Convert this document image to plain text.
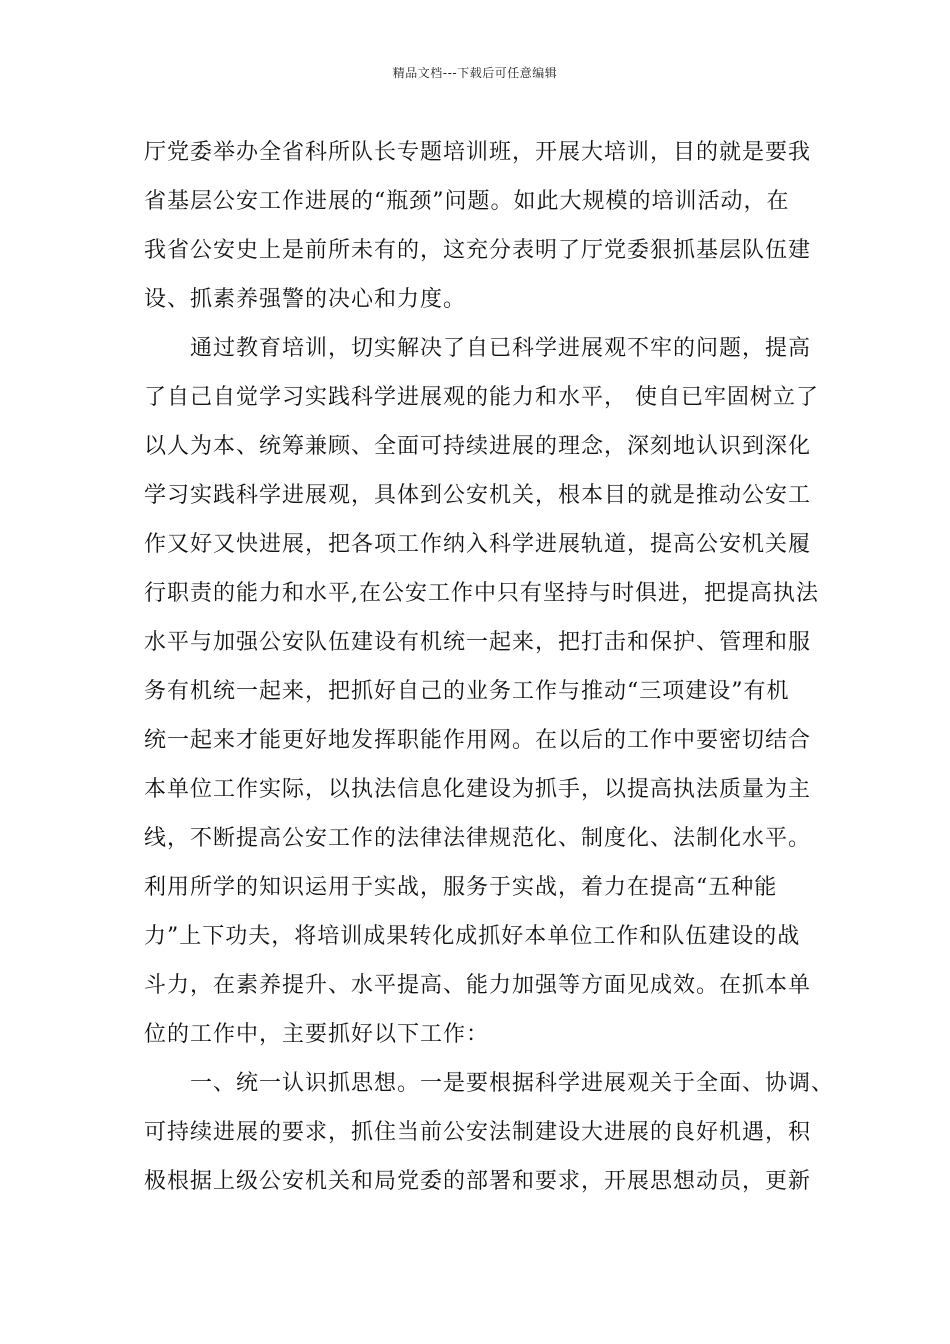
精品文档---下载后可任意编辑
厅党委举办全省科所队长专题培训班，开展大培训，目的就是要我
省基层公安工作进展的“瓶颈”问题。如此大规模的培训活动，在
我省公安史上是前所未有的，这充分表明了厅党委狠抓基层队伍建
设、抓素养强警的决心和力度。
　　通过教育培训，切实解决了自已科学进展观不牢的问题，提高
了自己自觉学习实践科学进展观的能力和水平， 使自已牢固树立了
以人为本、统筹兼顾、全面可持续进展的理念，深刻地认识到深化
学习实践科学进展观，具体到公安机关，根本目的就是推动公安工
作又好又快进展，把各项工作纳入科学进展轨道，提高公安机关履
行职责的能力和水平,在公安工作中只有坚持与时俱进，把提高执法
水平与加强公安队伍建设有机统一起来，把打击和保护、管理和服
务有机统一起来，把抓好自己的业务工作与推动“三项建设”有机
统一起来才能更好地发挥职能作用网。在以后的工作中要密切结合
本单位工作实际，以执法信息化建设为抓手，以提高执法质量为主
线，不断提高公安工作的法律法律规范化、制度化、法制化水平。
利用所学的知识运用于实战，服务于实战，着力在提高“五种能
力”上下功夫，将培训成果转化成抓好本单位工作和队伍建设的战
斗力，在素养提升、水平提高、能力加强等方面见成效。在抓本单
位的工作中，主要抓好以下工作：
　　一、统一认识抓思想。一是要根据科学进展观关于全面、协调、
可持续进展的要求，抓住当前公安法制建设大进展的良好机遇，积
极根据上级公安机关和局党委的部署和要求，开展思想动员，更新
